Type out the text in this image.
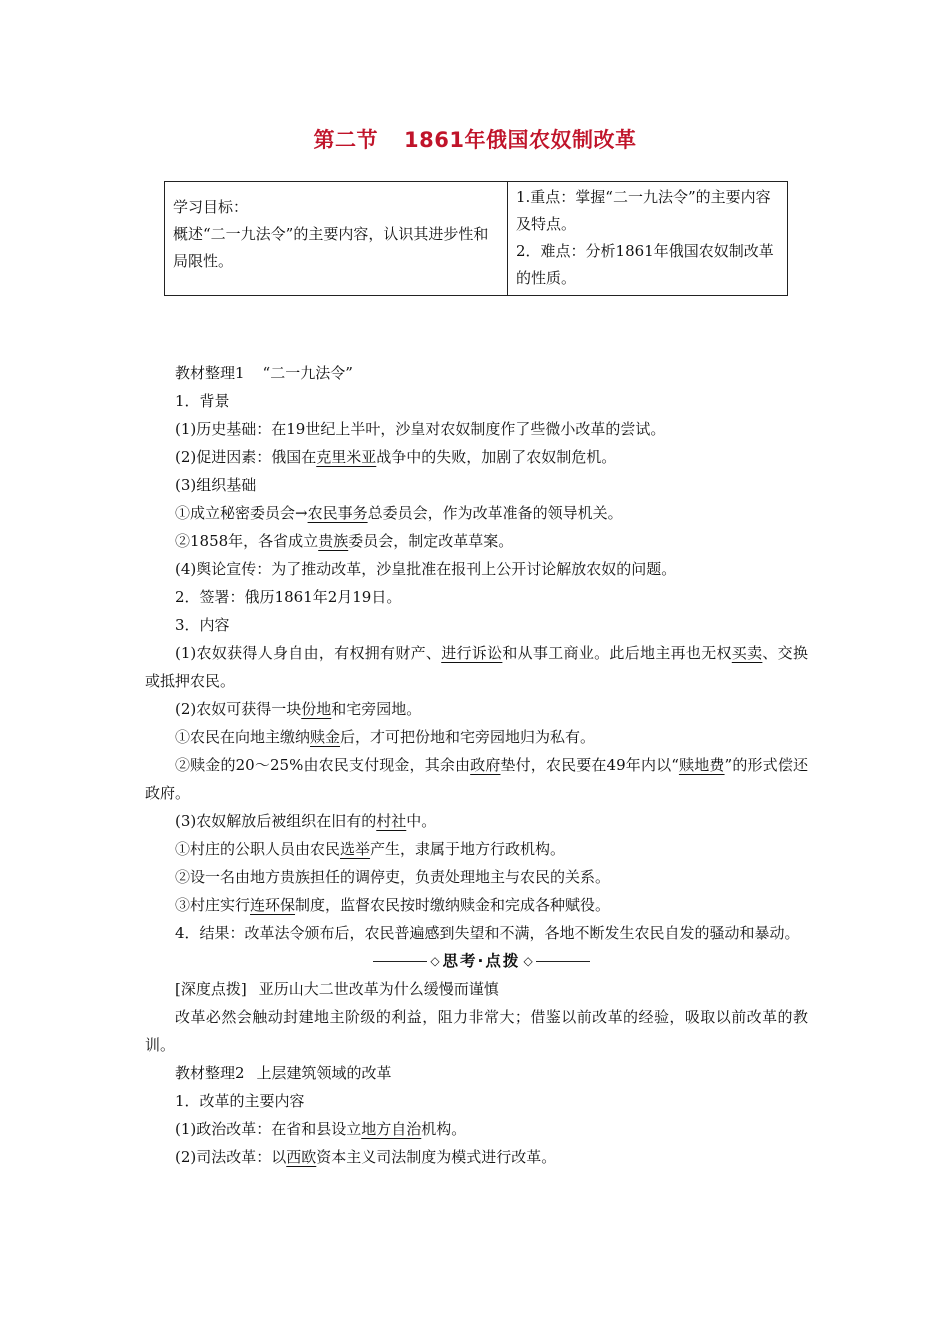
第二节 1861年俄国农奴制改革
学习目标：
概述“二一九法令”的主要内容，认识其进步性和局限性。

1.重点：掌握“二一九法令”的主要内容及特点。
2．难点：分析1861年俄国农奴制改革的性质。

教材整理1 “二一九法令”

1．背景

(1)历史基础：在19世纪上半叶，沙皇对农奴制度作了些微小改革的尝试。

(2)促进因素：俄国在克里米亚战争中的失败，加剧了农奴制危机。

(3)组织基础

①成立秘密委员会→农民事务总委员会，作为改革准备的领导机关。

②1858年，各省成立贵族委员会，制定改革草案。

(4)舆论宣传：为了推动改革，沙皇批准在报刊上公开讨论解放农奴的问题。

2．签署：俄历1861年2月19日。

3．内容

(1)农奴获得人身自由，有权拥有财产、进行诉讼和从事工商业。此后地主再也无权买卖、交换或抵押农民。

(2)农奴可获得一块份地和宅旁园地。

①农民在向地主缴纳赎金后，才可把份地和宅旁园地归为私有。

②赎金的20～25%由农民支付现金，其余由政府垫付，农民要在49年内以“赎地费”的形式偿还政府。

(3)农奴解放后被组织在旧有的村社中。

①村庄的公职人员由农民选举产生，隶属于地方行政机构。

②设一名由地方贵族担任的调停吏，负责处理地主与农民的关系。

③村庄实行连环保制度，监督农民按时缴纳赎金和完成各种赋役。

4．结果：改革法令颁布后，农民普遍感到失望和不满，各地不断发生农民自发的骚动和暴动。

◇ 思考·点拨 ◇

[深度点拨] 亚历山大二世改革为什么缓慢而谨慎

改革必然会触动封建地主阶级的利益，阻力非常大；借鉴以前改革的经验，吸取以前改革的教训。

教材整理2 上层建筑领域的改革

1．改革的主要内容

(1)政治改革：在省和县设立地方自治机构。

(2)司法改革：以西欧资本主义司法制度为模式进行改革。
